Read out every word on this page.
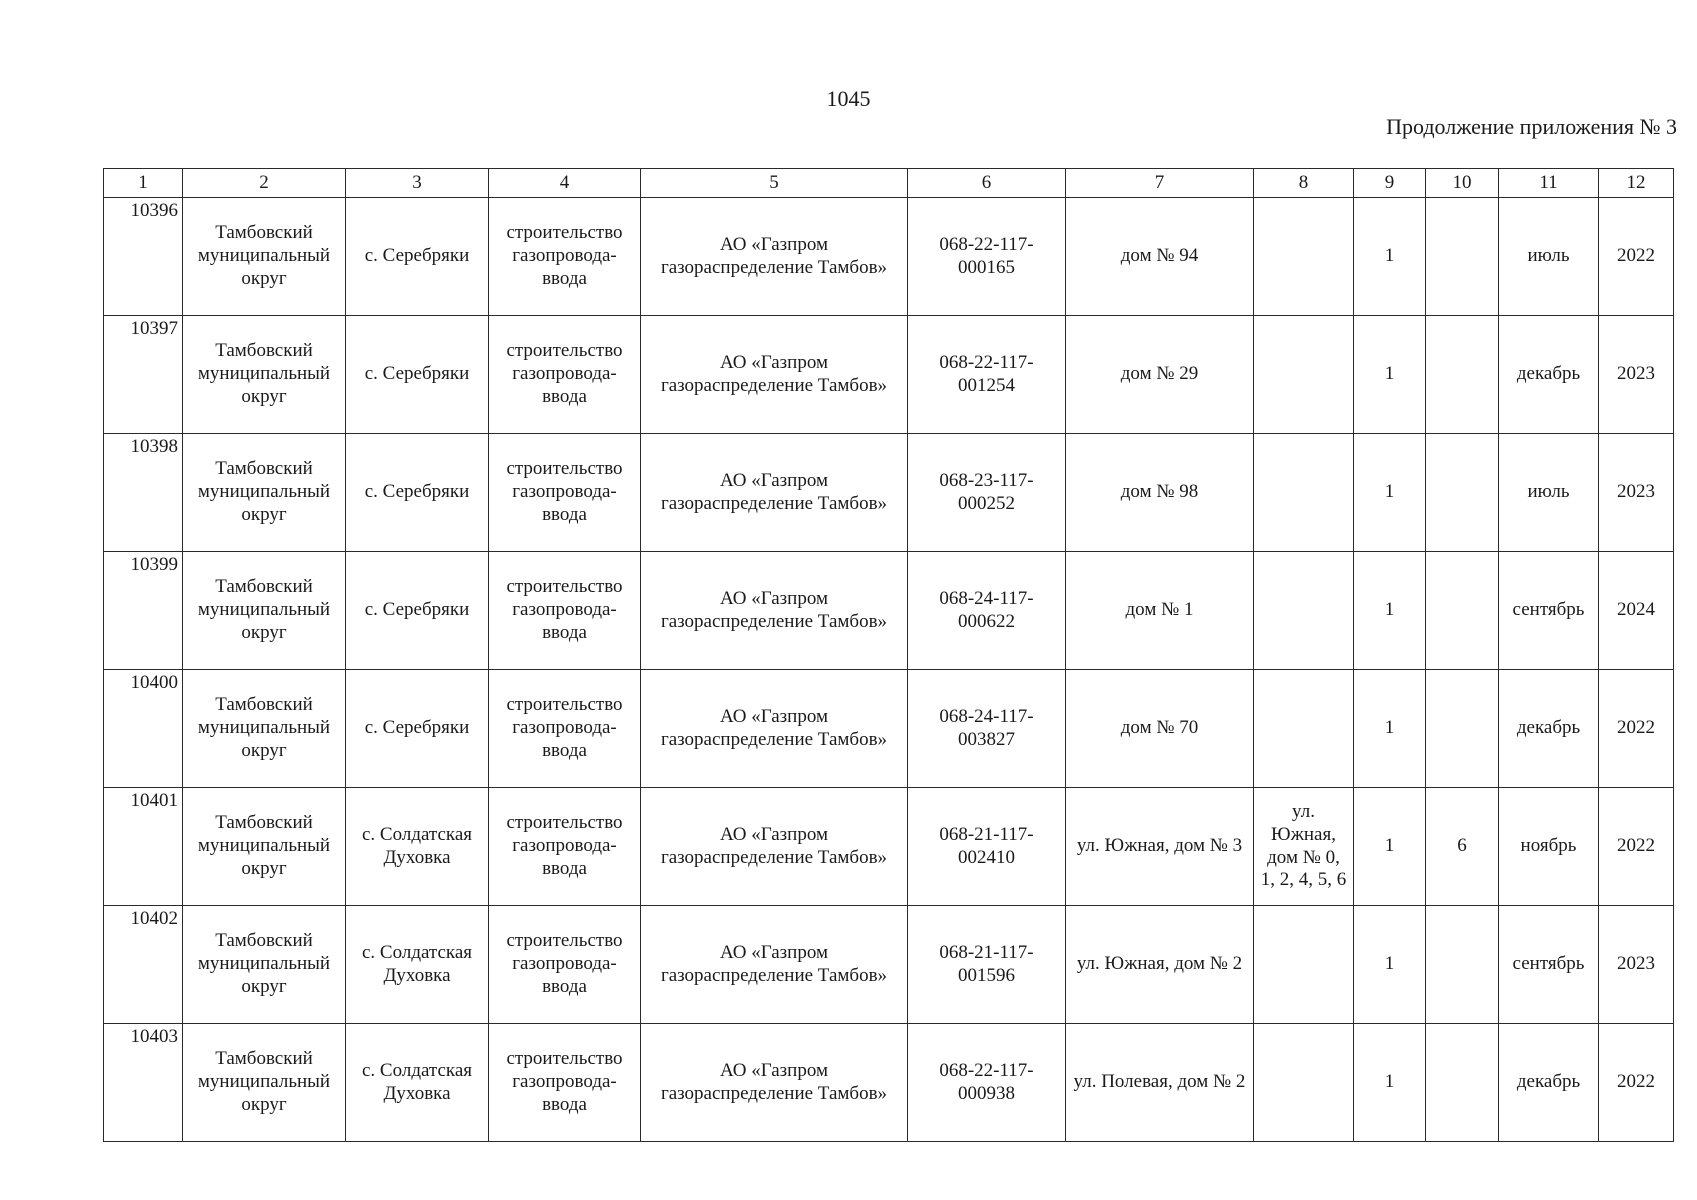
1045
Продолжение приложения № 3
1	2	3	4	5	6	7	8	9	10	11	12
10396	Тамбовский муниципальный округ	с. Серебряки	строительство газопровода-ввода	АО «Газпром газораспределение Тамбов»	068-22-117-000165	дом № 94		1		июль	2022
10397	Тамбовский муниципальный округ	с. Серебряки	строительство газопровода-ввода	АО «Газпром газораспределение Тамбов»	068-22-117-001254	дом № 29		1		декабрь	2023
10398	Тамбовский муниципальный округ	с. Серебряки	строительство газопровода-ввода	АО «Газпром газораспределение Тамбов»	068-23-117-000252	дом № 98		1		июль	2023
10399	Тамбовский муниципальный округ	с. Серебряки	строительство газопровода-ввода	АО «Газпром газораспределение Тамбов»	068-24-117-000622	дом № 1		1		сентябрь	2024
10400	Тамбовский муниципальный округ	с. Серебряки	строительство газопровода-ввода	АО «Газпром газораспределение Тамбов»	068-24-117-003827	дом № 70		1		декабрь	2022
10401	Тамбовский муниципальный округ	с. Солдатская Духовка	строительство газопровода-ввода	АО «Газпром газораспределение Тамбов»	068-21-117-002410	ул. Южная, дом № 3	ул. Южная, дом № 0, 1, 2, 4, 5, 6	1	6	ноябрь	2022
10402	Тамбовский муниципальный округ	с. Солдатская Духовка	строительство газопровода-ввода	АО «Газпром газораспределение Тамбов»	068-21-117-001596	ул. Южная, дом № 2		1		сентябрь	2023
10403	Тамбовский муниципальный округ	с. Солдатская Духовка	строительство газопровода-ввода	АО «Газпром газораспределение Тамбов»	068-22-117-000938	ул. Полевая, дом № 2		1		декабрь	2022
